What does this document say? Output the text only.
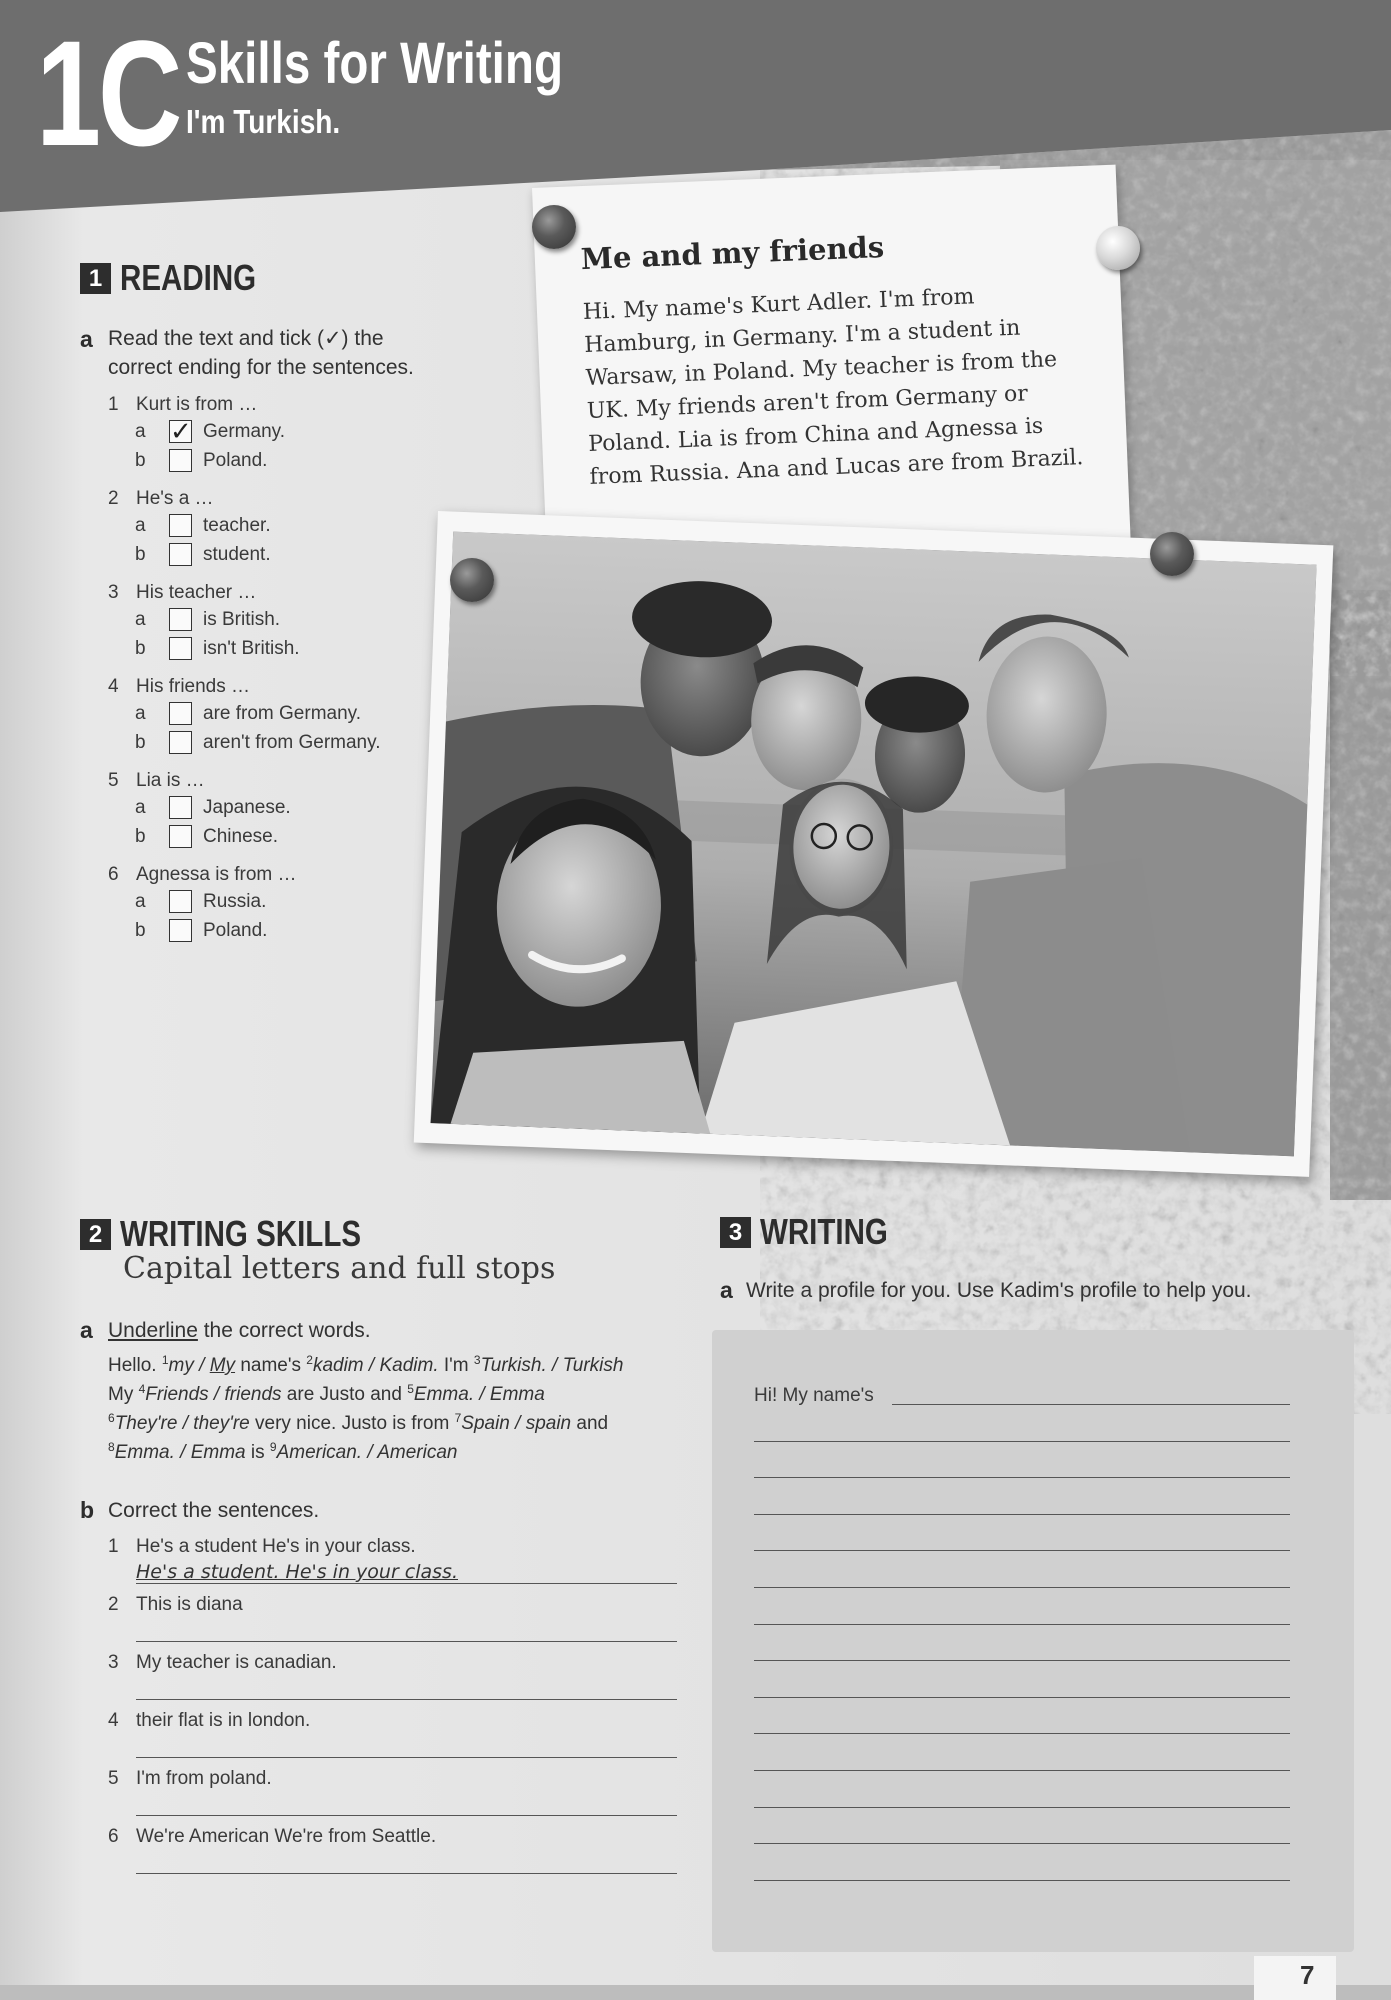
1C Skills for Writing
I'm Turkish.
1 READING
a Read the text and tick (✓) the
correct ending for the sentences.
1 Kurt is from …
a ✓ Germany.
b	Poland.
2 He's a …
a	teacher.
b	student.
3 His teacher …
a	is British.
b	isn't British.
4 His friends …
a	are from Germany.
b	aren't from Germany.
5 Lia is …
a	Japanese.
b	Chinese.
6 Agnessa is from …
a	Russia.
b	Poland.
Me and my friends
Hi. My name's Kurt Adler. I'm from Hamburg, in Germany. I'm a student in Warsaw, in Poland. My teacher is from the UK. My friends aren't from Germany or Poland. Lia is from China and Agnessa is from Russia. Ana and Lucas are from Brazil.
2 WRITING SKILLS
Capital letters and full stops
a Underline the correct words.
Hello. $^1$my / My name's $^2$kadim / Kadim. I'm $^3$Turkish. / Turkish
My $^4$Friends / friends are Justo and $^5$Emma. / Emma
$^6$They're / they're very nice. Justo is from $^7$Spain / spain and
$^8$Emma. / Emma is $^9$American. / American
b Correct the sentences.
1 He's a student He's in your class.
He's a student. He's in your class.
2 This is diana
3 My teacher is canadian.
4 their flat is in london.
5 I'm from poland.
6 We're American We're from Seattle.
3 WRITING
a Write a profile for you. Use Kadim's profile to help you.
Hi! My name's
7
